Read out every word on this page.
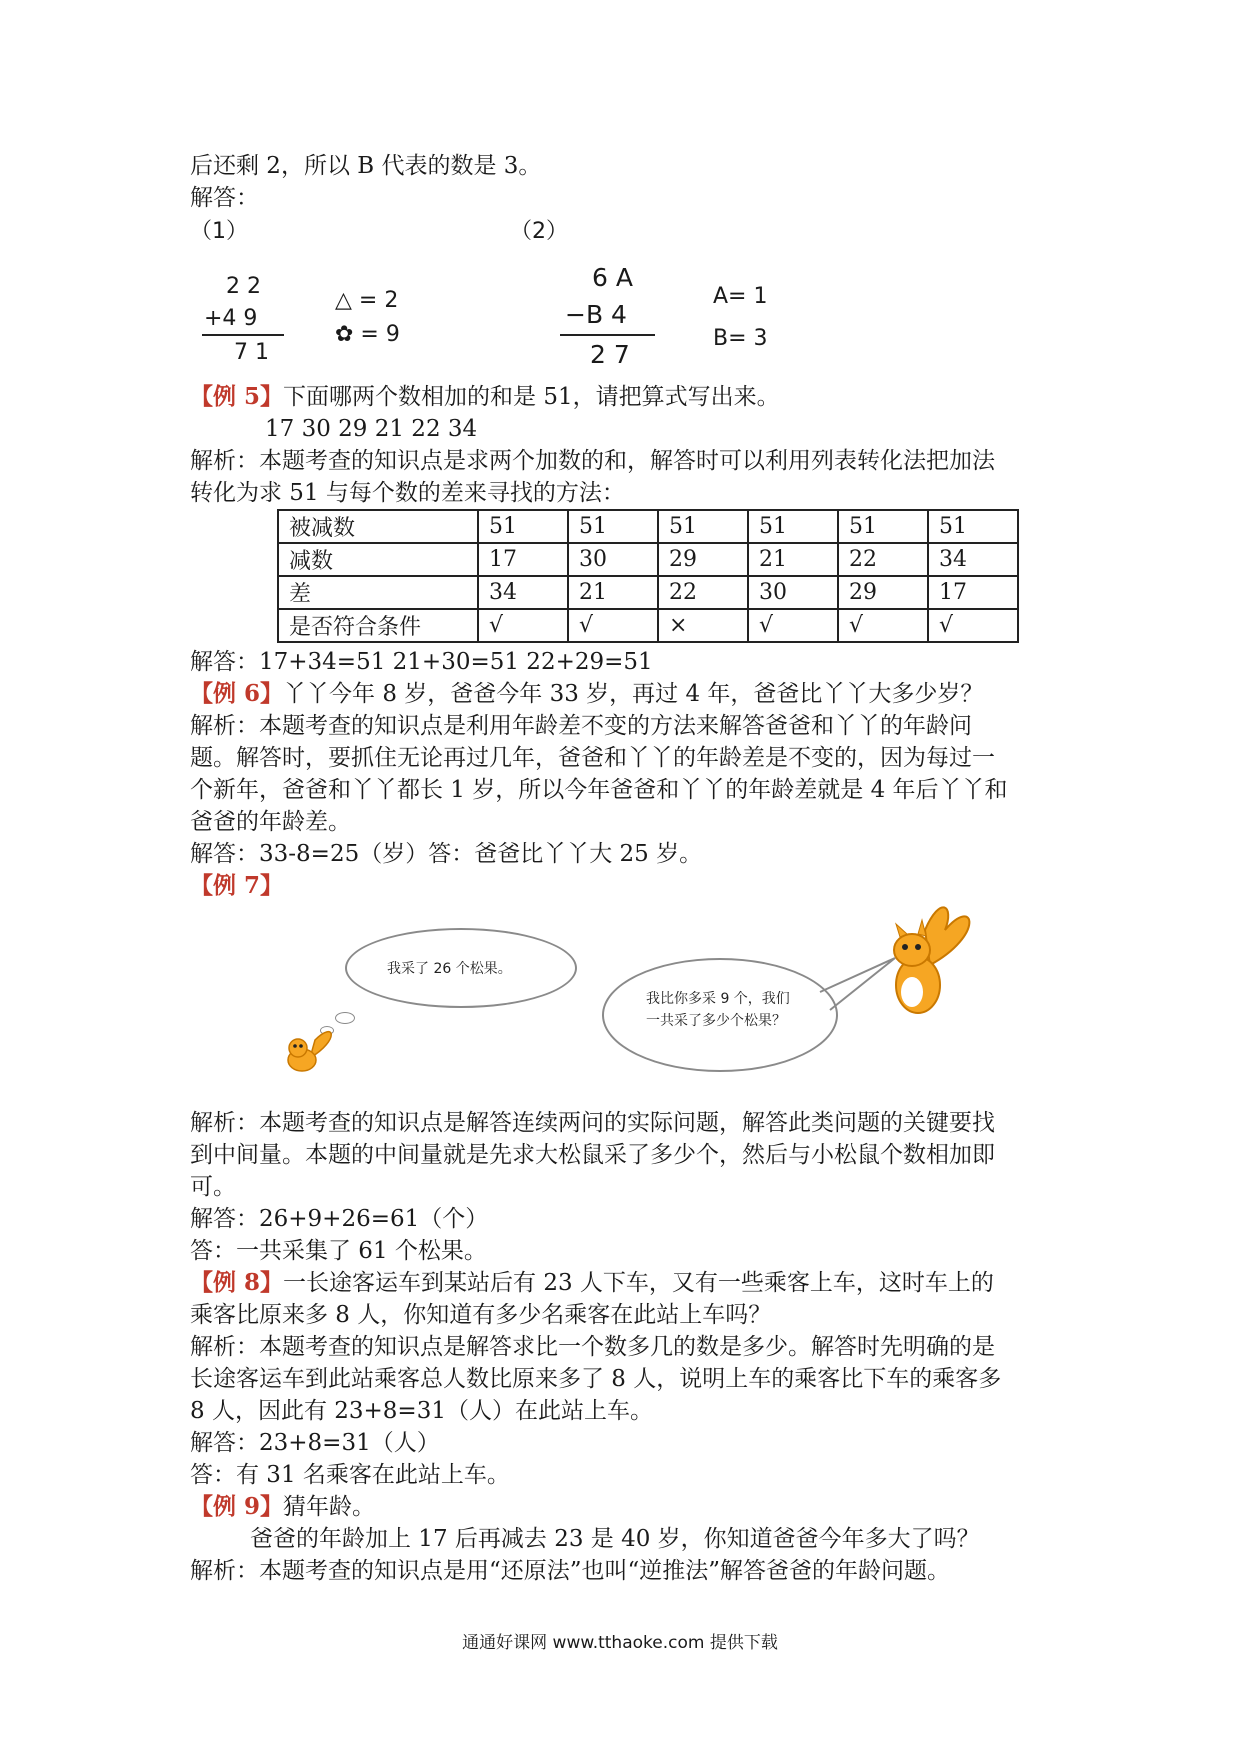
后还剩 2，所以 B 代表的数是 3。
解答：
（1）
2 2
+4 9
7 1
△ = 2
✿ = 9
（2）
6 A
−B 4
2 7
A= 1
B= 3
【例 5】下面哪两个数相加的和是 51，请把算式写出来。
17 30 29 21 22 34
解析：本题考查的知识点是求两个加数的和，解答时可以利用列表转化法把加法
转化为求 51 与每个数的差来寻找的方法：
被减数	51	51	51	51	51	51
减数	17	30	29	21	22	34
差	34	21	22	30	29	17
是否符合条件	√	√	×	√	√	√
解答：17+34=51 21+30=51 22+29=51
【例 6】丫丫今年 8 岁，爸爸今年 33 岁，再过 4 年，爸爸比丫丫大多少岁？
解析：本题考查的知识点是利用年龄差不变的方法来解答爸爸和丫丫的年龄问
题。解答时，要抓住无论再过几年，爸爸和丫丫的年龄差是不变的，因为每过一
个新年，爸爸和丫丫都长 1 岁，所以今年爸爸和丫丫的年龄差就是 4 年后丫丫和
爸爸的年龄差。
解答：33-8=25（岁）答：爸爸比丫丫大 25 岁。
【例 7】
我采了 26 个松果。
我比你多采 9 个，我们一共采了多少个松果？
解析：本题考查的知识点是解答连续两问的实际问题，解答此类问题的关键要找
到中间量。本题的中间量就是先求大松鼠采了多少个，然后与小松鼠个数相加即
可。
解答：26+9+26=61（个）
答：一共采集了 61 个松果。
【例 8】一长途客运车到某站后有 23 人下车，又有一些乘客上车，这时车上的
乘客比原来多 8 人，你知道有多少名乘客在此站上车吗？
解析：本题考查的知识点是解答求比一个数多几的数是多少。解答时先明确的是
长途客运车到此站乘客总人数比原来多了 8 人，说明上车的乘客比下车的乘客多
8 人，因此有 23+8=31（人）在此站上车。
解答：23+8=31（人）
答：有 31 名乘客在此站上车。
【例 9】猜年龄。
爸爸的年龄加上 17 后再减去 23 是 40 岁，你知道爸爸今年多大了吗？
解析：本题考查的知识点是用“还原法”也叫“逆推法”解答爸爸的年龄问题。
通通好课网 www.tthaoke.com 提供下载
